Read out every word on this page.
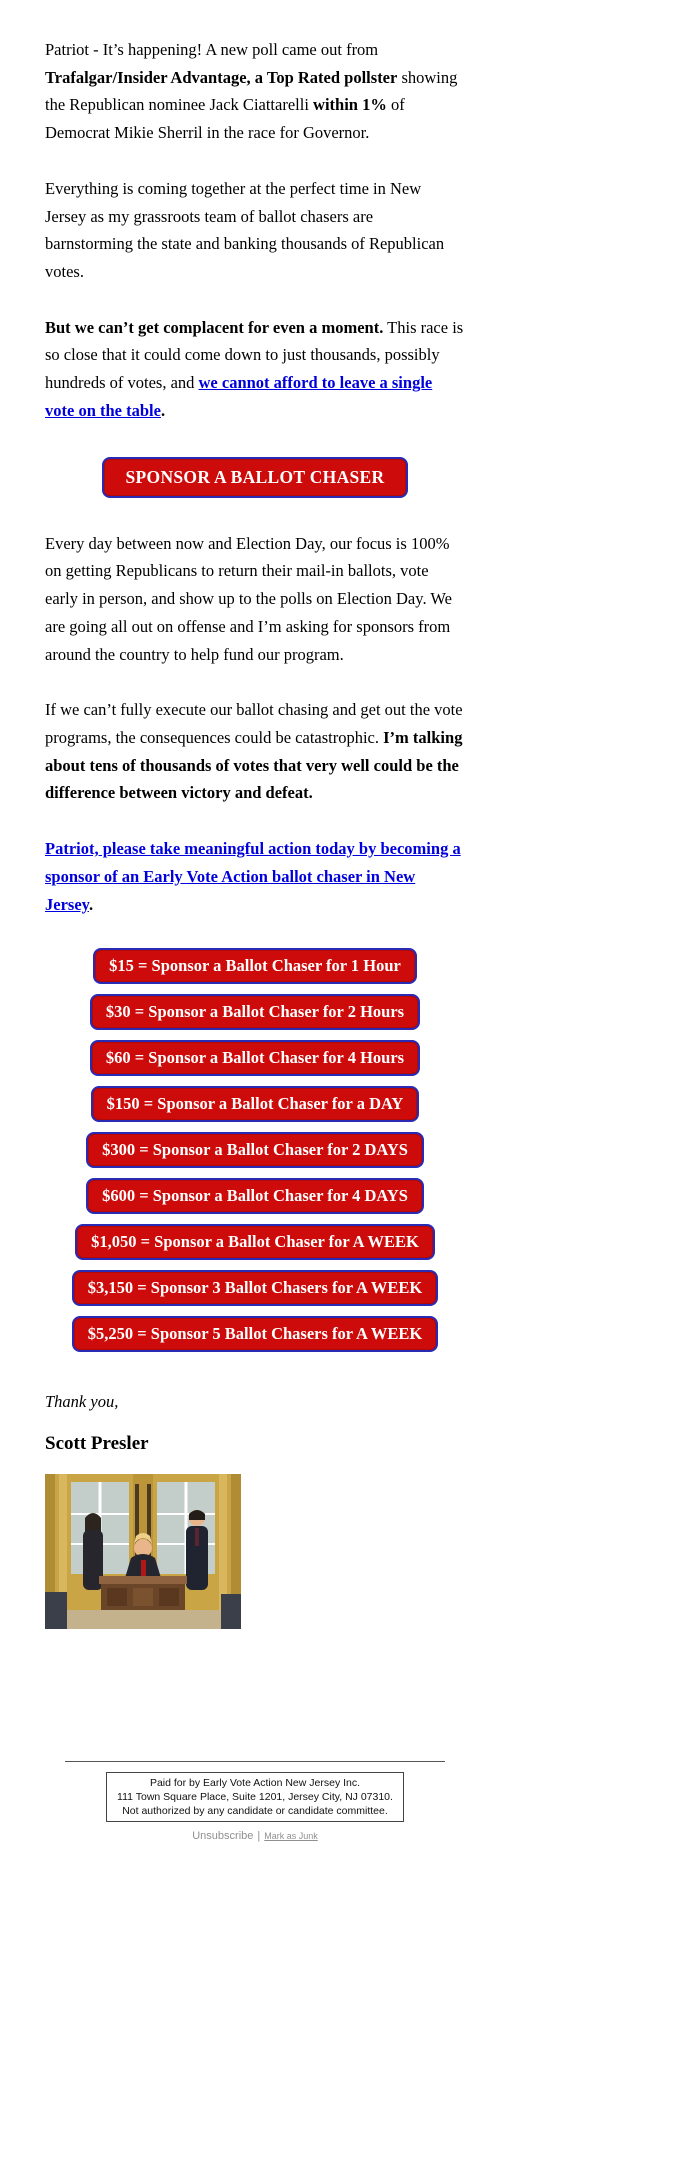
Patriot - It’s happening! A new poll came out from Trafalgar/Insider Advantage, a Top Rated pollster showing the Republican nominee Jack Ciattarelli within 1% of Democrat Mikie Sherril in the race for Governor.

Everything is coming together at the perfect time in New Jersey as my grassroots team of ballot chasers are barnstorming the state and banking thousands of Republican votes.

But we can’t get complacent for even a moment. This race is so close that it could come down to just thousands, possibly hundreds of votes, and we cannot afford to leave a single vote on the table.

SPONSOR A BALLOT CHASER

Every day between now and Election Day, our focus is 100% on getting Republicans to return their mail-in ballots, vote early in person, and show up to the polls on Election Day. We are going all out on offense and I’m asking for sponsors from around the country to help fund our program.

If we can’t fully execute our ballot chasing and get out the vote programs, the consequences could be catastrophic. I’m talking about tens of thousands of votes that very well could be the difference between victory and defeat.

Patriot, please take meaningful action today by becoming a sponsor of an Early Vote Action ballot chaser in New Jersey.

$15 = Sponsor a Ballot Chaser for 1 Hour
$30 = Sponsor a Ballot Chaser for 2 Hours
$60 = Sponsor a Ballot Chaser for 4 Hours
$150 = Sponsor a Ballot Chaser for a DAY
$300 = Sponsor a Ballot Chaser for 2 DAYS
$600 = Sponsor a Ballot Chaser for 4 DAYS
$1,050 = Sponsor a Ballot Chaser for A WEEK
$3,150 = Sponsor 3 Ballot Chasers for A WEEK
$5,250 = Sponsor 5 Ballot Chasers for A WEEK

Thank you,

Scott Presler
Paid for by Early Vote Action New Jersey Inc.
111 Town Square Place, Suite 1201, Jersey City, NJ 07310.
Not authorized by any candidate or candidate committee.
Unsubscribe | Mark as Junk
